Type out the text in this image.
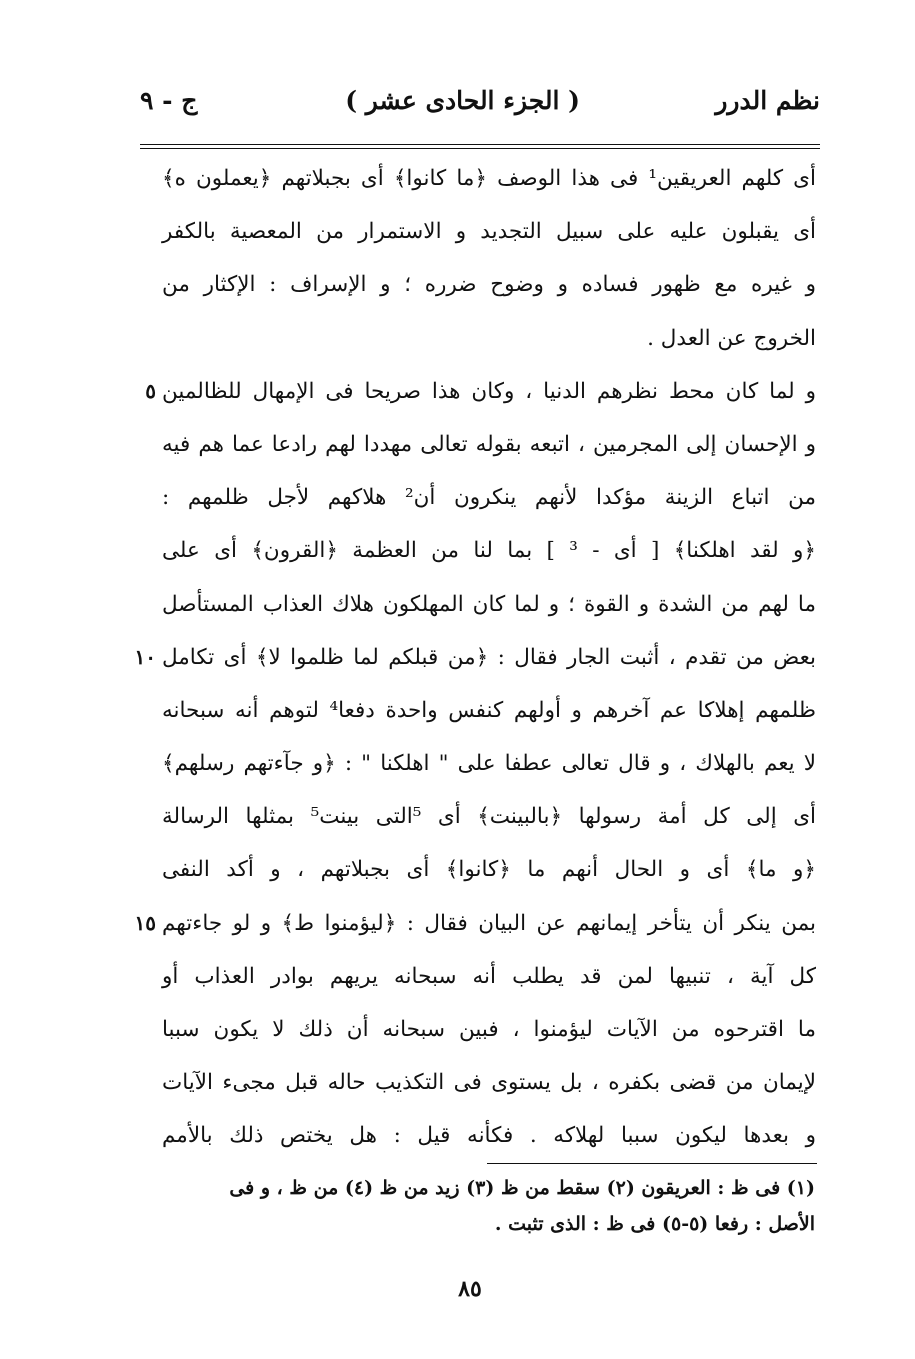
نظم الدرر
( الجزء الحادى عشر )
ج - ٩
أى كلهم العريقين¹ فى هذا الوصف ﴿ما كانوا﴾ أى بجبلاتهم ﴿يعملون ه﴾
أى يقبلون عليه على سبيل التجديد و الاستمرار من المعصية بالكفر
و غيره مع ظهور فساده و وضوح ضرره ؛ و الإسراف : الإكثار من
الخروج عن العدل .
و لما كان محط نظرهم الدنيا ، وكان هذا صريحا فى الإمهال للظالمين
٥
و الإحسان إلى المجرمين ، اتبعه بقوله تعالى مهددا لهم رادعا عما هم فيه
من اتباع الزينة مؤكدا لأنهم ينكرون أن² هلاكهم لأجل ظلمهم :
﴿و لقد اهلكنا﴾ [ أى - ³ ] بما لنا من العظمة ﴿القرون﴾ أى على
ما لهم من الشدة و القوة ؛ و لما كان المهلكون هلاك العذاب المستأصل
بعض من تقدم ، أثبت الجار فقال : ﴿من قبلكم لما ظلموا لا﴾ أى تكامل
١٠
ظلمهم إهلاكا عم آخرهم و أولهم كنفس واحدة دفعا⁴ لتوهم أنه سبحانه
لا يعم بالهلاك ، و قال تعالى عطفا على " اهلكنا " : ﴿و جآءتهم رسلهم﴾
أى إلى كل أمة رسولها ﴿بالبينت﴾ أى ⁵التى بينت⁵ بمثلها الرسالة
﴿و ما﴾ أى و الحال أنهم ما ﴿كانوا﴾ أى بجبلاتهم ، و أكد النفى
بمن ينكر أن يتأخر إيمانهم عن البيان فقال : ﴿ليؤمنوا ط﴾ و لو جاءتهم
١٥
كل آية ، تنبيها لمن قد يطلب أنه سبحانه يريهم بوادر العذاب أو
ما اقترحوه من الآيات ليؤمنوا ، فبين سبحانه أن ذلك لا يكون سببا
لإيمان من قضى بكفره ، بل يستوى فى التكذيب حاله قبل مجىء الآيات
و بعدها ليكون سببا لهلاكه . فكأنه قيل : هل يختص ذلك بالأمم
(١) فى ظ : العريقون (٢) سقط من ظ (٣) زيد من ظ (٤) من ظ ، و فى
الأصل : رفعا (٥-٥) فى ظ : الذى تثبت .
٨٥
